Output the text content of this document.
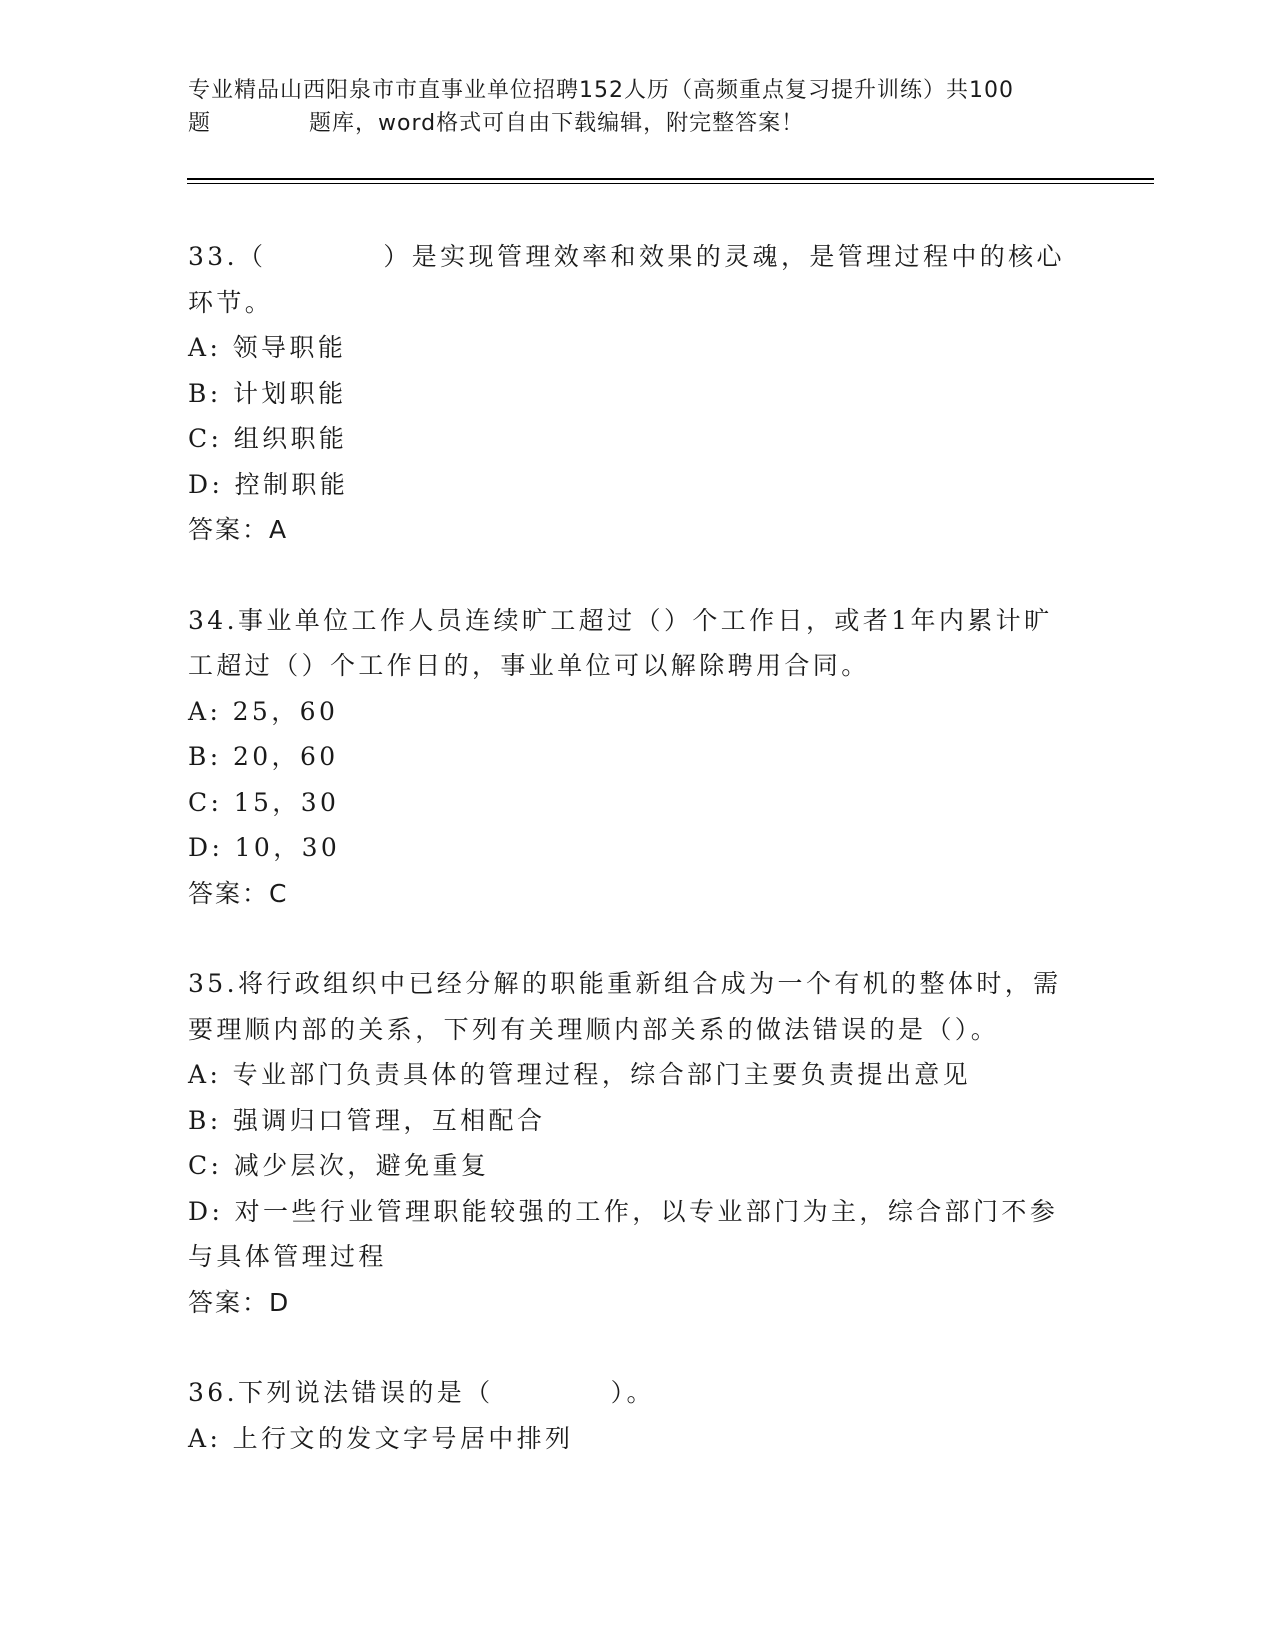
专业精品山西阳泉市市直事业单位招聘152人历（高频重点复习提升训练）共100
题	题库，word格式可自由下载编辑，附完整答案！
33.（	）是实现管理效率和效果的灵魂，是管理过程中的核心环节。
A: 领导职能
B: 计划职能
C: 组织职能
D: 控制职能
答案：A
34.事业单位工作人员连续旷工超过（）个工作日，或者1年内累计旷工超过（）个工作日的，事业单位可以解除聘用合同。
A: 25，60
B: 20，60
C: 15，30
D: 10，30
答案：C
35.将行政组织中已经分解的职能重新组合成为一个有机的整体时，需要理顺内部的关系，下列有关理顺内部关系的做法错误的是（）。
A: 专业部门负责具体的管理过程，综合部门主要负责提出意见
B: 强调归口管理，互相配合
C: 减少层次，避免重复
D: 对一些行业管理职能较强的工作，以专业部门为主，综合部门不参与具体管理过程
答案：D
36.下列说法错误的是（	）。
A: 上行文的发文字号居中排列
